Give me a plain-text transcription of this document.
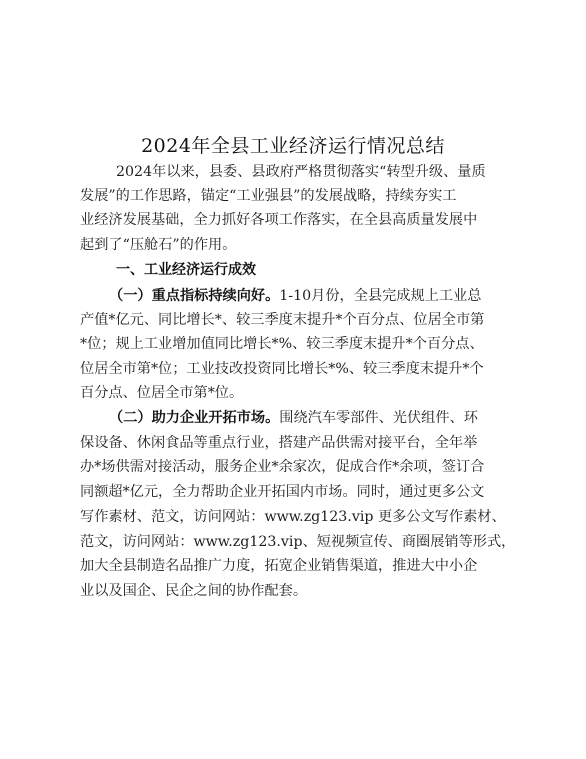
2024年全县工业经济运行情况总结
2024年以来，县委、县政府严格贯彻落实“转型升级、量质
发展”的工作思路，锚定“工业强县”的发展战略，持续夯实工
业经济发展基础，全力抓好各项工作落实，在全县高质量发展中
起到了“压舱石”的作用。
一、工业经济运行成效
（一）重点指标持续向好。1-10月份，全县完成规上工业总
产值*亿元、同比增长*、较三季度末提升*个百分点、位居全市第
*位；规上工业增加值同比增长*%、较三季度末提升*个百分点、
位居全市第*位；工业技改投资同比增长*%、较三季度末提升*个
百分点、位居全市第*位。
（二）助力企业开拓市场。围绕汽车零部件、光伏组件、环
保设备、休闲食品等重点行业，搭建产品供需对接平台，全年举
办*场供需对接活动，服务企业*余家次，促成合作*余项，签订合
同额超*亿元，全力帮助企业开拓国内市场。同时，通过更多公文
写作素材、范文，访问网站：www.zg123.vip 更多公文写作素材、
范文，访问网站：www.zg123.vip、短视频宣传、商圈展销等形式，
加大全县制造名品推广力度，拓宽企业销售渠道，推进大中小企
业以及国企、民企之间的协作配套。
